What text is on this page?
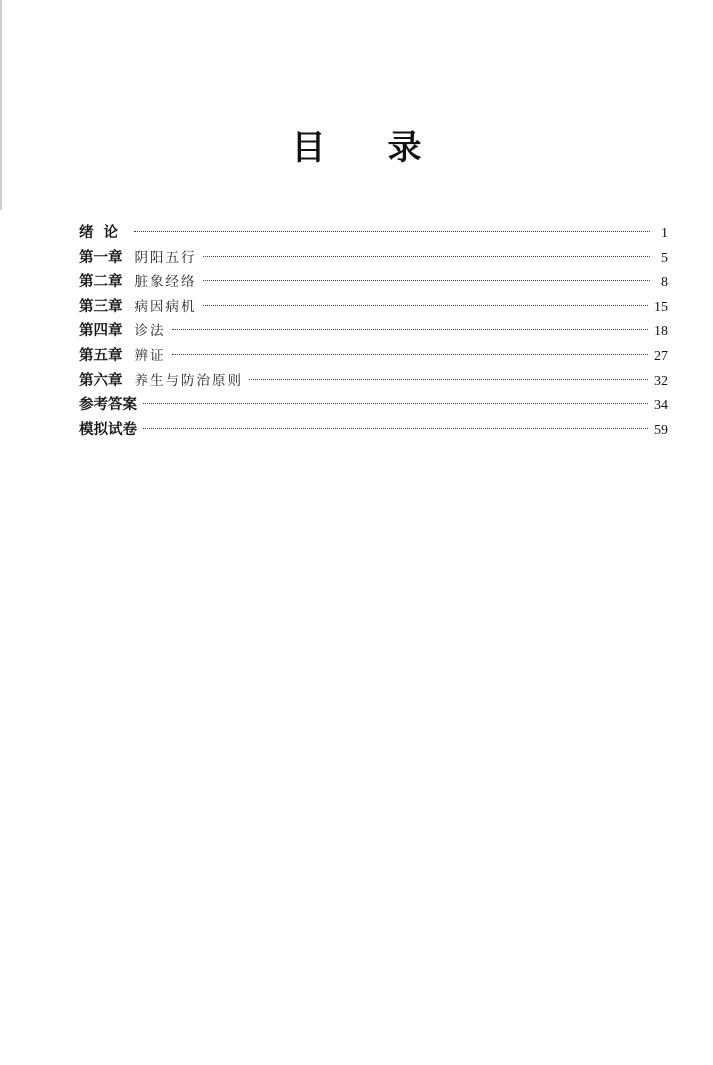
目录
绪论	1
第一章 阴阳五行	5
第二章 脏象经络	8
第三章 病因病机	15
第四章 诊法	18
第五章 辨证	27
第六章 养生与防治原则	32
参考答案	34
模拟试卷	59
